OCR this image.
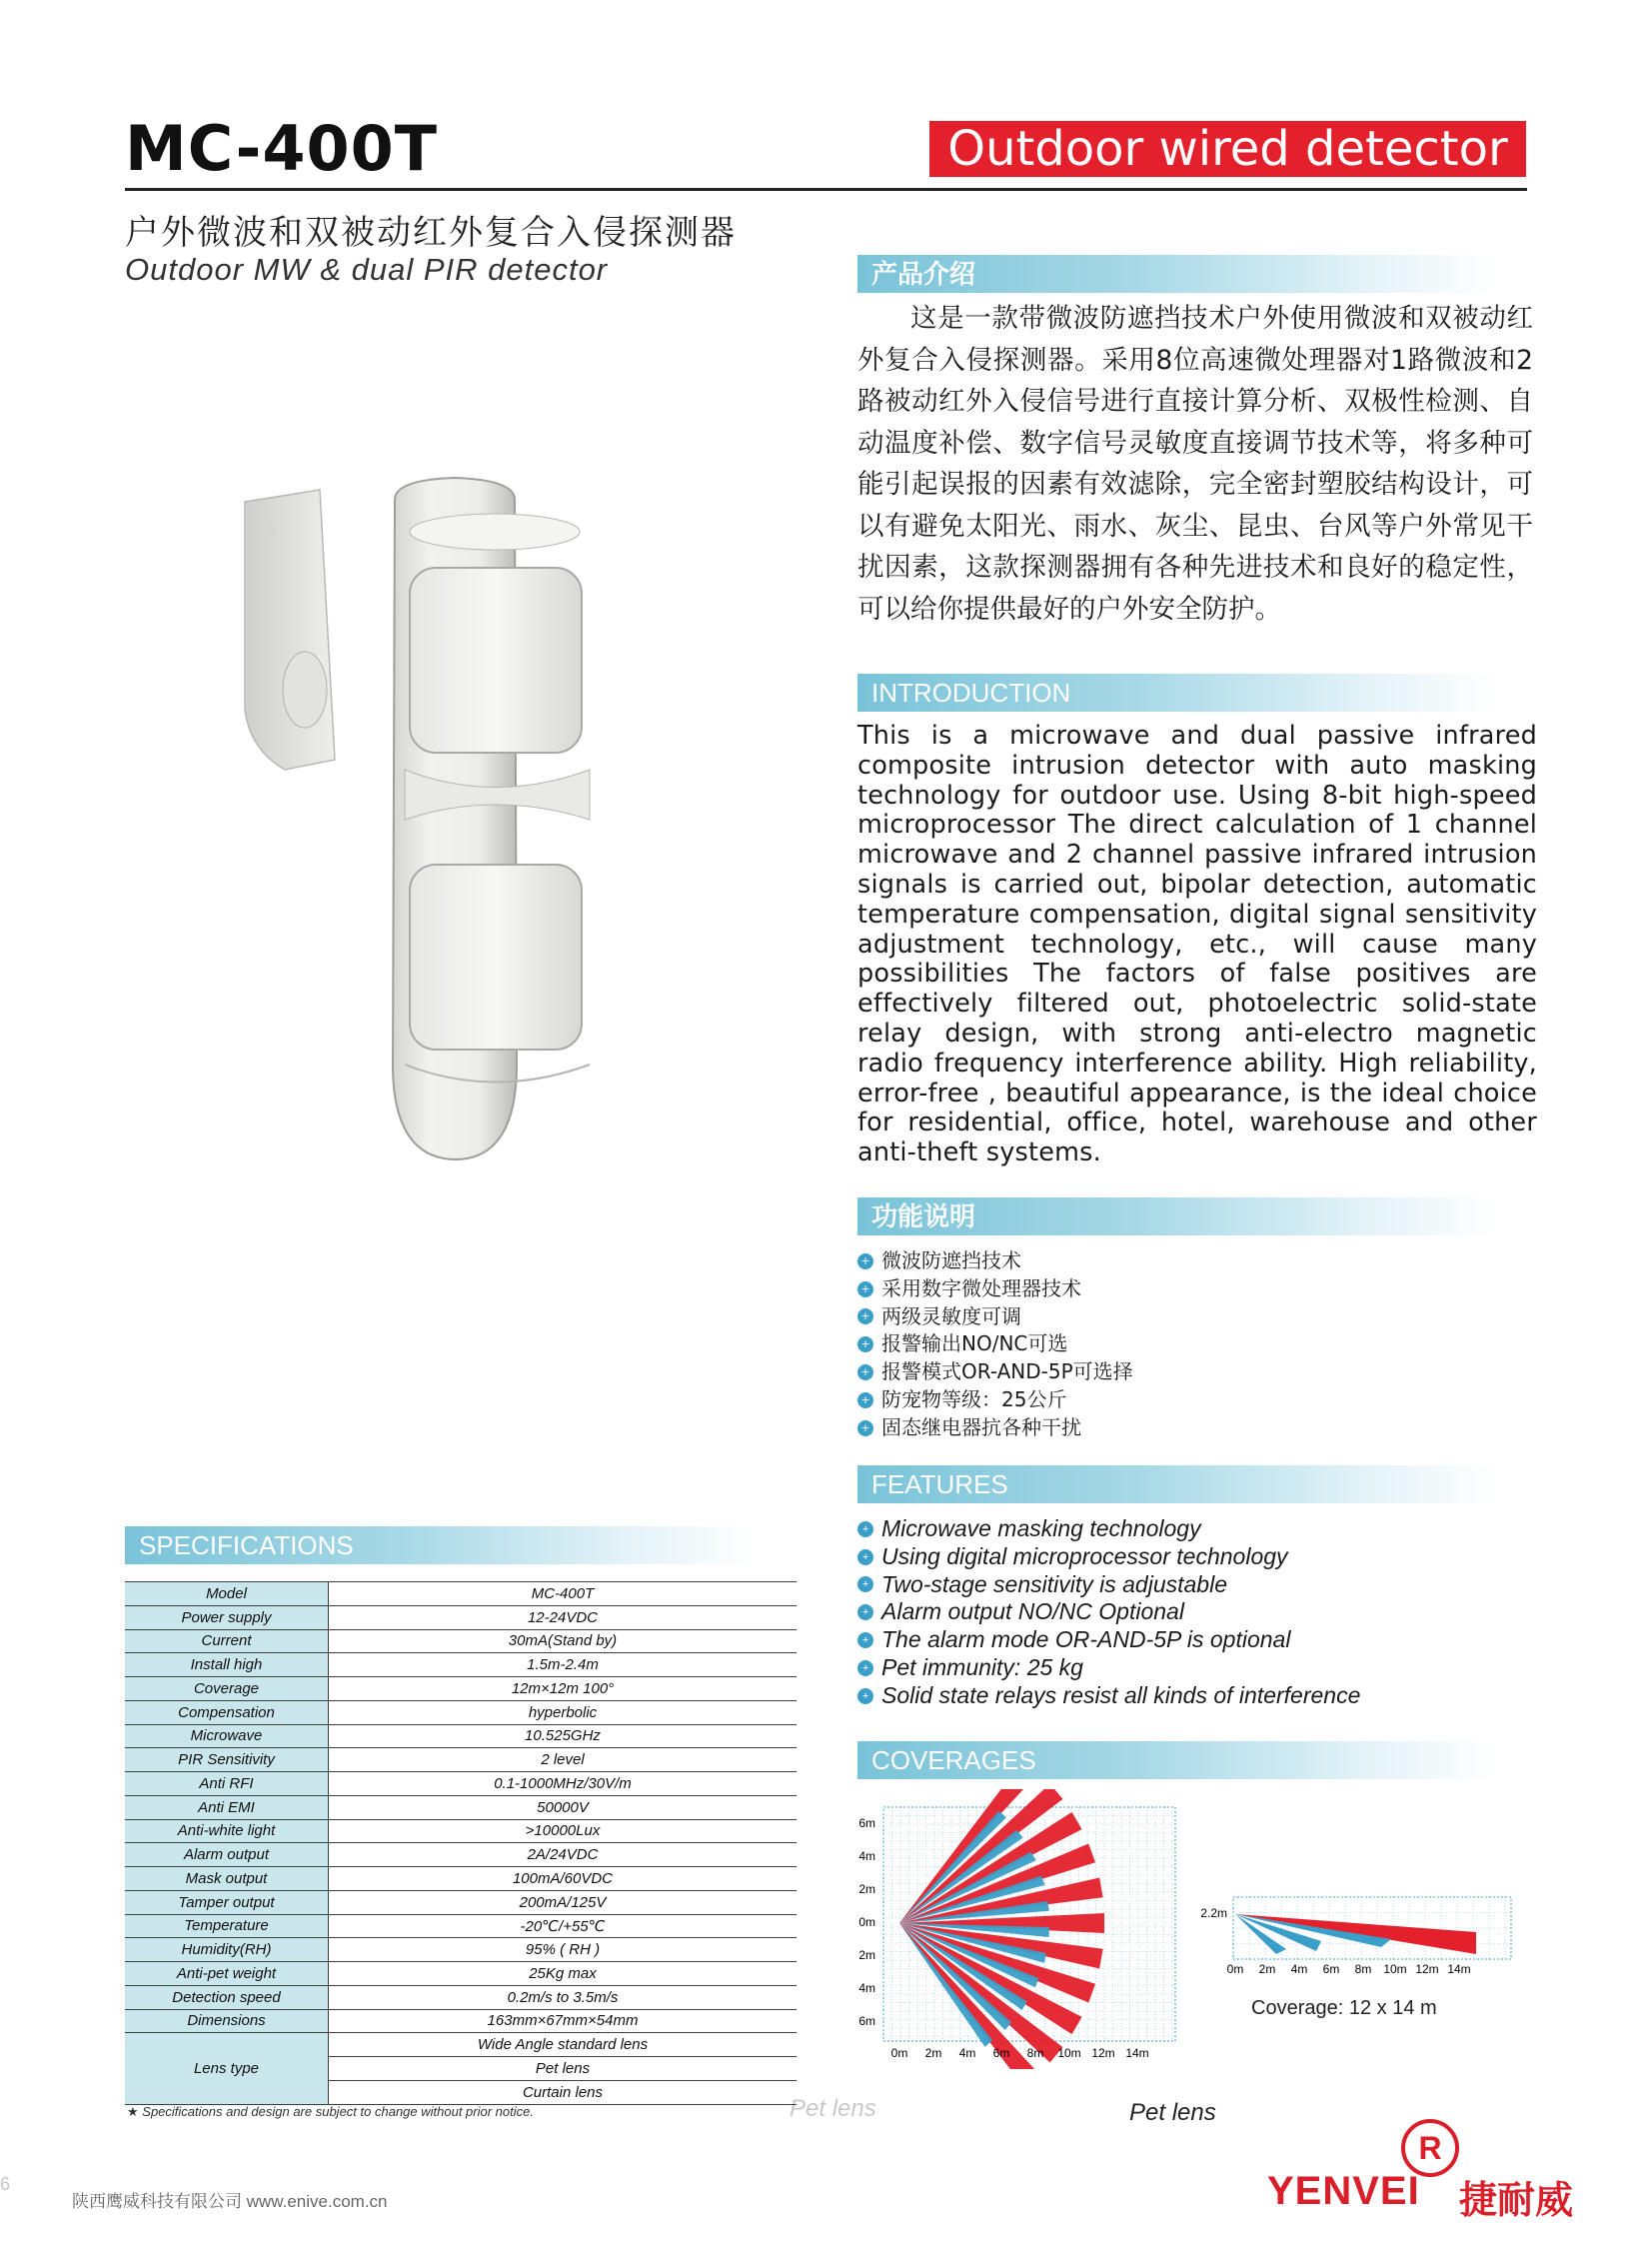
MC-400T	Outdoor wired detector
户外微波和双被动红外复合入侵探测器
Outdoor MW & dual PIR detector	产品介绍
这是一款带微波防遮挡技术户外使用微波和双被动红外复合入侵探测器。采用8位高速微处理器对1路微波和2路被动红外入侵信号进行直接计算分析、双极性检测、自动温度补偿、数字信号灵敏度直接调节技术等，将多种可能引起误报的因素有效滤除，完全密封塑胶结构设计，可以有避免太阳光、雨水、灰尘、昆虫、台风等户外常见干扰因素，这款探测器拥有各种先进技术和良好的稳定性，可以给你提供最好的户外安全防护。
INTRODUCTION
This is a microwave and dual passive infrared composite intrusion detector with auto masking technology for outdoor use. Using 8-bit high-speed microprocessor The direct calculation of 1 channel microwave and 2 channel passive infrared intrusion signals is carried out, bipolar detection, automatic temperature compensation, digital signal sensitivity adjustment technology, etc., will cause many possibilities The factors of false positives are effectively filtered out, photoelectric solid-state relay design, with strong anti-electro magnetic radio frequency interference ability. High reliability, error-free , beautiful appearance, is the ideal choice for residential, office, hotel, warehouse and other anti-theft systems.
功能说明
+ 微波防遮挡技术
+ 采用数字微处理器技术
+ 两级灵敏度可调
+ 报警输出NO/NC可选
+ 报警模式OR-AND-5P可选择
+ 防宠物等级：25公斤
+ 固态继电器抗各种干扰
FEATURES
+ Microwave masking technology
+ Using digital microprocessor technology
+ Two-stage sensitivity is adjustable
+ Alarm output NO/NC Optional
+ The alarm mode OR-AND-5P is optional
+ Pet immunity: 25 kg
+ Solid state relays resist all kinds of interference
COVERAGES
6m
4m
2m
0m
2m
4m
6m
0m 2m 4m 6m 8m 10m 12m 14m
2.2m
0m 2m 4m 6m 8m 10m 12m 14m
Coverage: 12 x 14 m
Pet lens	Pet lens
SPECIFICATIONS
Model	MC-400T
Power supply	12-24VDC
Current	30mA(Stand by)
Install high	1.5m-2.4m
Coverage	12m×12m 100°
Compensation	hyperbolic
Microwave	10.525GHz
PIR Sensitivity	2 level
Anti RFI	0.1-1000MHz/30V/m
Anti EMI	50000V
Anti-white light	>10000Lux
Alarm output	2A/24VDC
Mask output	100mA/60VDC
Tamper output	200mA/125V
Temperature	-20℃/+55℃
Humidity(RH)	95% ( RH )
Anti-pet weight	25Kg max
Detection speed	0.2m/s to 3.5m/s
Dimensions	163mm×67mm×54mm
Lens type	Wide Angle standard lens
	Pet lens
	Curtain lens
★ Specifications and design are subject to change without prior notice.
6
陕西鹰威科技有限公司 www.enive.com.cn	YENVEI
R
捷耐威
